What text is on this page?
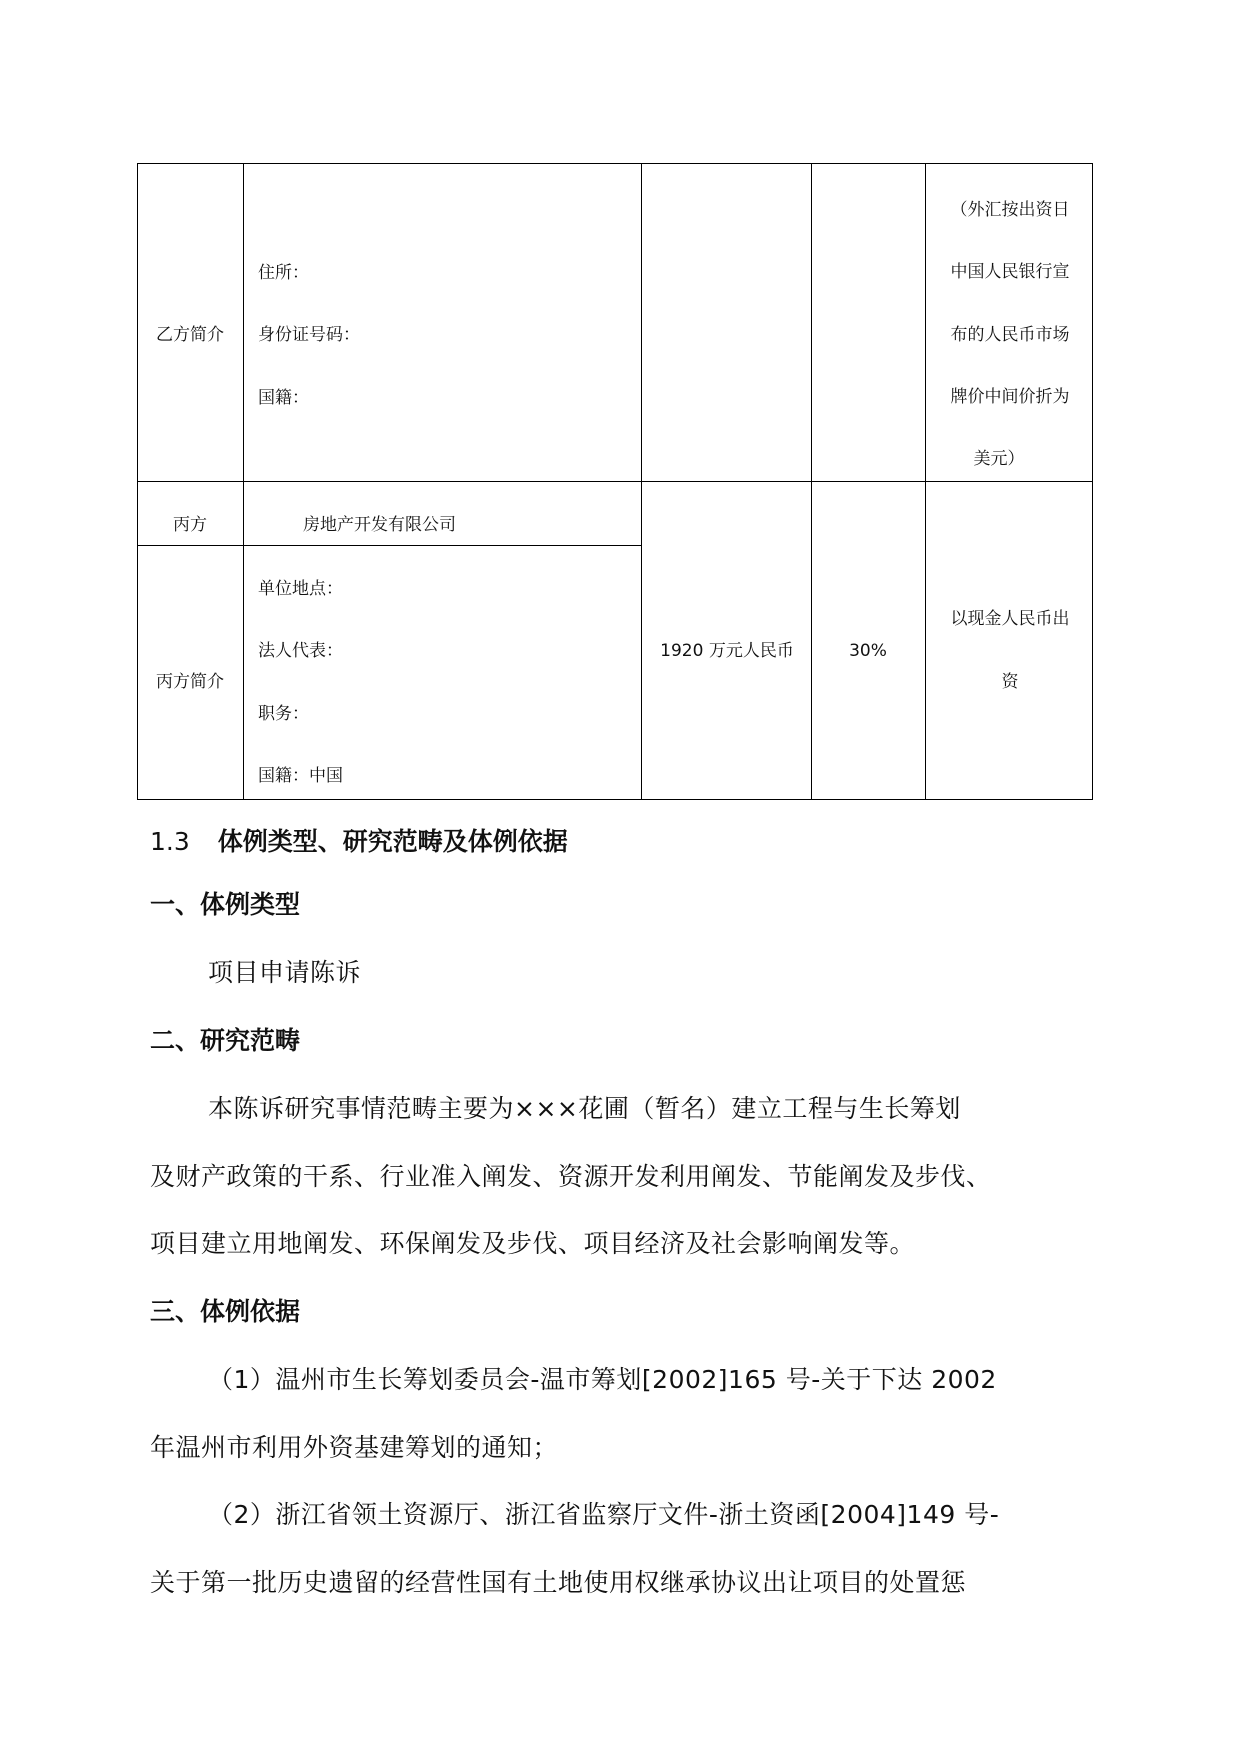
乙方简介
住所：
身份证号码：
国籍：
（外汇按出资日
中国人民银行宣
布的人民币市场
牌价中间价折为
美元）
丙方	房地产开发有限公司
丙方简介
单位地点：
法人代表：
职务：
国籍：中国
1920 万元人民币	30%
以现金人民币出
资
1.3 体例类型、研究范畴及体例依据
一、体例类型
项目申请陈诉
二、研究范畴
本陈诉研究事情范畴主要为×××花圃（暂名）建立工程与生长筹划
及财产政策的干系、行业准入阐发、资源开发利用阐发、节能阐发及步伐、
项目建立用地阐发、环保阐发及步伐、项目经济及社会影响阐发等。
三、体例依据
（1）温州市生长筹划委员会-温市筹划[2002]165 号-关于下达 2002
年温州市利用外资基建筹划的通知；
（2）浙江省领土资源厅、浙江省监察厅文件-浙土资函[2004]149 号-
关于第一批历史遗留的经营性国有土地使用权继承协议出让项目的处置惩
